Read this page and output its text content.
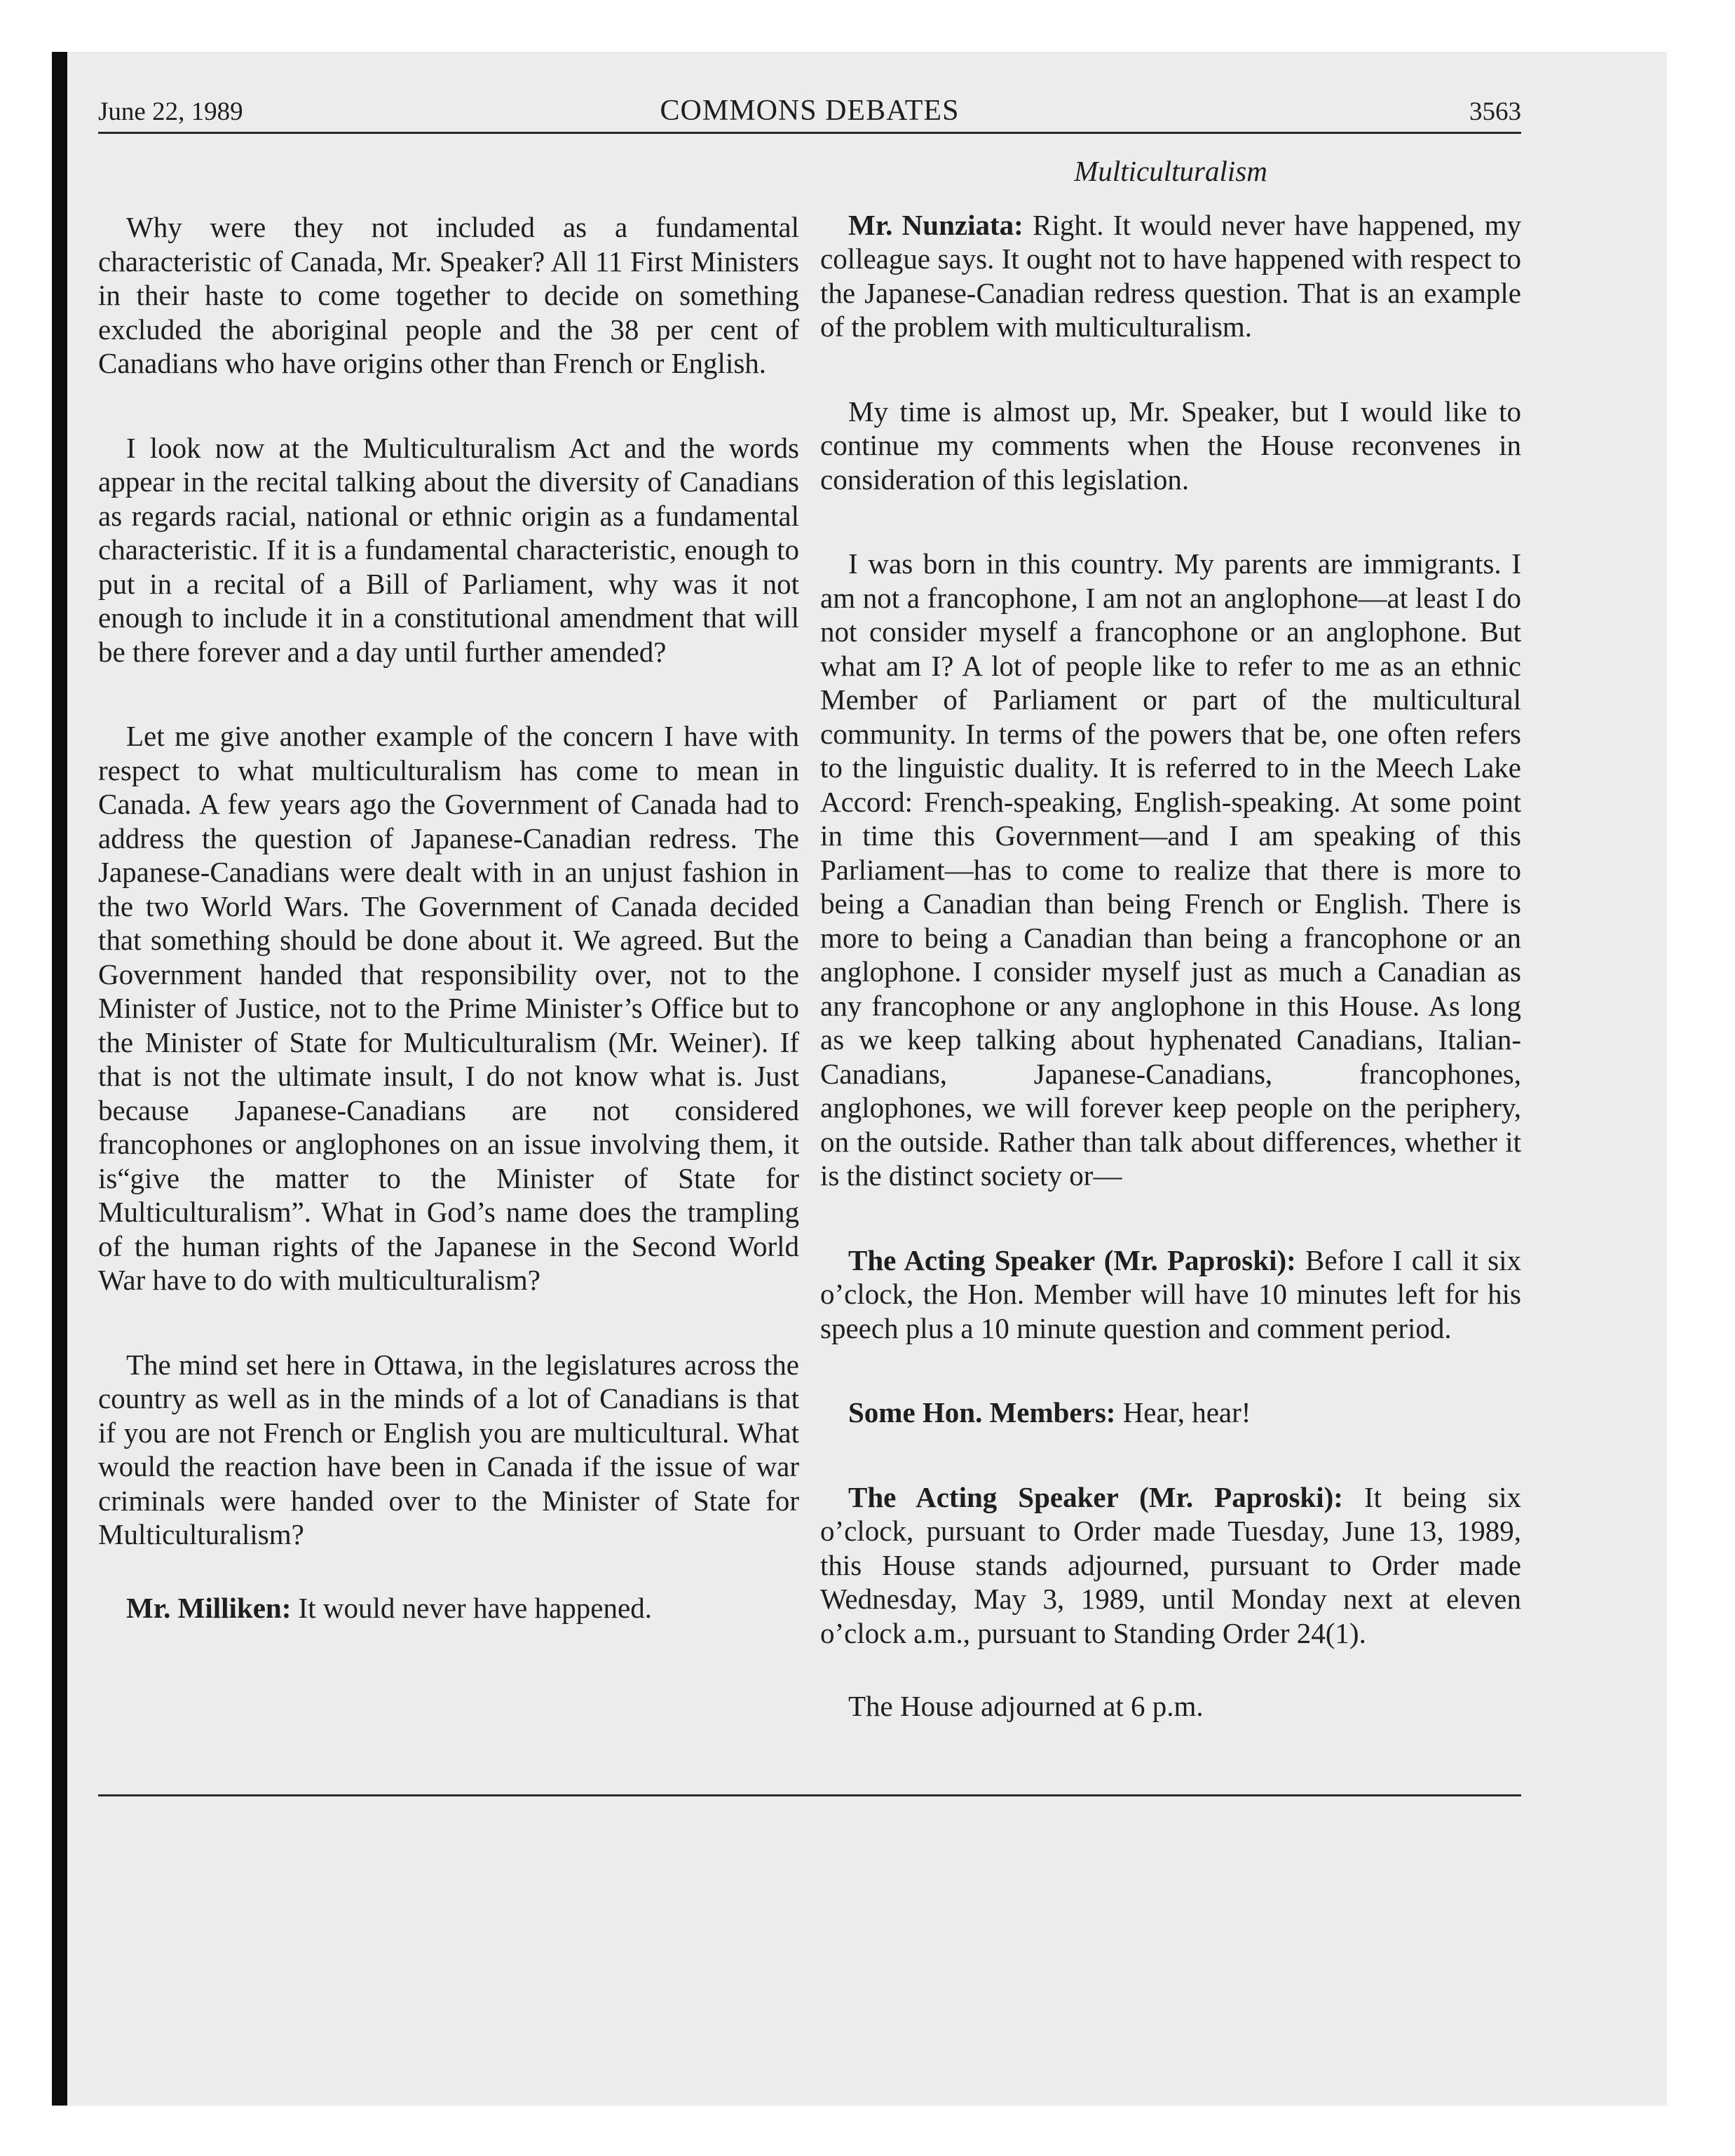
June 22, 1989	COMMONS DEBATES	3563

Why were they not included as a fundamental characteristic of Canada, Mr. Speaker? All 11 First Ministers in their haste to come together to decide on something excluded the aboriginal people and the 38 per cent of Canadians who have origins other than French or English.

I look now at the Multiculturalism Act and the words appear in the recital talking about the diversity of Canadians as regards racial, national or ethnic origin as a fundamental characteristic. If it is a fundamental characteristic, enough to put in a recital of a Bill of Parliament, why was it not enough to include it in a constitutional amendment that will be there forever and a day until further amended?

Let me give another example of the concern I have with respect to what multiculturalism has come to mean in Canada. A few years ago the Government of Canada had to address the question of Japanese-Canadian redress. The Japanese-Canadians were dealt with in an unjust fashion in the two World Wars. The Government of Canada decided that something should be done about it. We agreed. But the Government handed that responsibility over, not to the Minister of Justice, not to the Prime Minister’s Office but to the Minister of State for Multiculturalism (Mr. Weiner). If that is not the ultimate insult, I do not know what is. Just because Japanese-Canadians are not considered francophones or anglophones on an issue involving them, it is“give the matter to the Minister of State for Multiculturalism”. What in God’s name does the trampling of the human rights of the Japanese in the Second World War have to do with multiculturalism?

The mind set here in Ottawa, in the legislatures across the country as well as in the minds of a lot of Canadians is that if you are not French or English you are multicultural. What would the reaction have been in Canada if the issue of war criminals were handed over to the Minister of State for Multiculturalism?

Mr. Milliken: It would never have happened.

Multiculturalism

Mr. Nunziata: Right. It would never have happened, my colleague says. It ought not to have happened with respect to the Japanese-Canadian redress question. That is an example of the problem with multiculturalism.

My time is almost up, Mr. Speaker, but I would like to continue my comments when the House reconvenes in consideration of this legislation.

I was born in this country. My parents are immigrants. I am not a francophone, I am not an anglophone—at least I do not consider myself a francophone or an anglophone. But what am I? A lot of people like to refer to me as an ethnic Member of Parliament or part of the multicultural community. In terms of the powers that be, one often refers to the linguistic duality. It is referred to in the Meech Lake Accord: French-speaking, English-speaking. At some point in time this Government—and I am speaking of this Parliament—has to come to realize that there is more to being a Canadian than being French or English. There is more to being a Canadian than being a francophone or an anglophone. I consider myself just as much a Canadian as any francophone or any anglophone in this House. As long as we keep talking about hyphenated Canadians, Italian-Canadians, Japanese-Canadians, francophones, anglophones, we will forever keep people on the periphery, on the outside. Rather than talk about differences, whether it is the distinct society or—

The Acting Speaker (Mr. Paproski): Before I call it six o’clock, the Hon. Member will have 10 minutes left for his speech plus a 10 minute question and comment period.

Some Hon. Members: Hear, hear!

The Acting Speaker (Mr. Paproski): It being six o’clock, pursuant to Order made Tuesday, June 13, 1989, this House stands adjourned, pursuant to Order made Wednesday, May 3, 1989, until Monday next at eleven o’clock a.m., pursuant to Standing Order 24(1).

The House adjourned at 6 p.m.
